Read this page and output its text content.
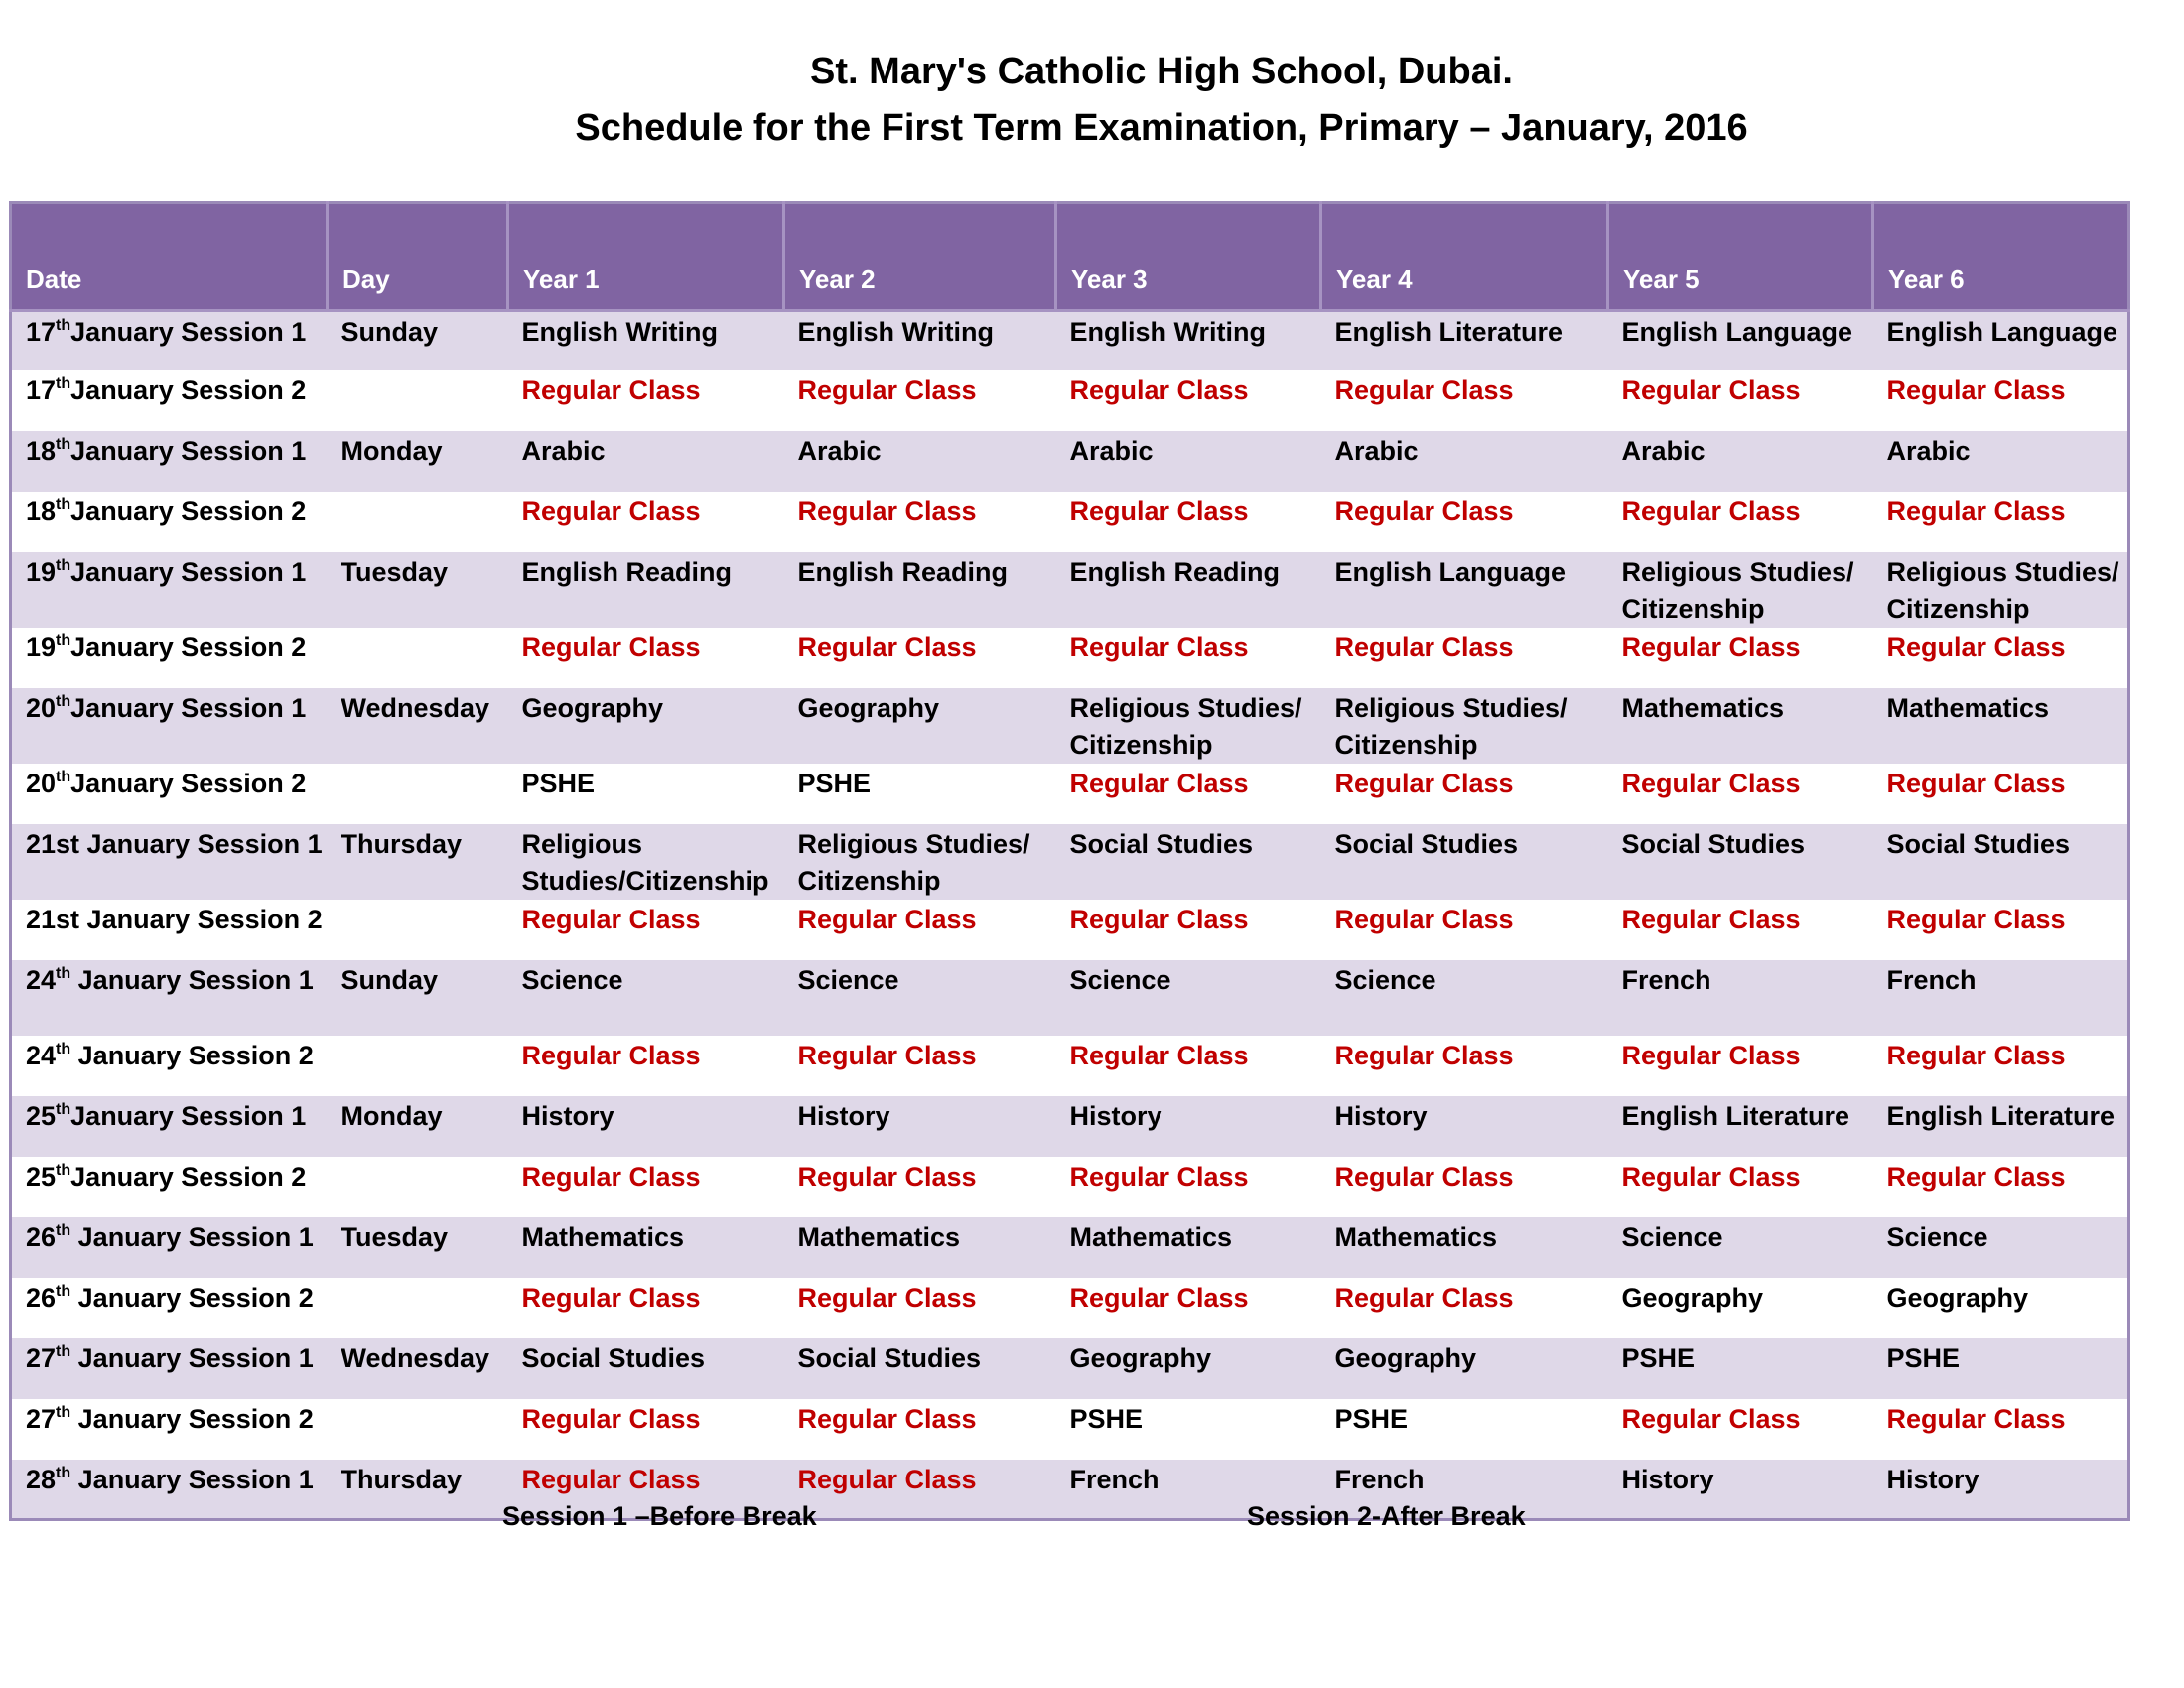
St. Mary's Catholic High School, Dubai.
Schedule for the First Term Examination, Primary – January, 2016
Date	Day	Year 1	Year 2	Year 3	Year 4	Year 5	Year 6
17thJanuary Session 1	Sunday	English Writing	English Writing	English Writing	English Literature	English Language	English Language
17thJanuary Session 2		Regular Class	Regular Class	Regular Class	Regular Class	Regular Class	Regular Class
18thJanuary Session 1	Monday	Arabic	Arabic	Arabic	Arabic	Arabic	Arabic
18thJanuary Session 2		Regular Class	Regular Class	Regular Class	Regular Class	Regular Class	Regular Class
19thJanuary Session 1	Tuesday	English Reading	English Reading	English Reading	English Language	Religious Studies/ Citizenship	Religious Studies/ Citizenship
19thJanuary Session 2		Regular Class	Regular Class	Regular Class	Regular Class	Regular Class	Regular Class
20thJanuary Session 1	Wednesday	Geography	Geography	Religious Studies/ Citizenship	Religious Studies/ Citizenship	Mathematics	Mathematics
20thJanuary Session 2		PSHE	PSHE	Regular Class	Regular Class	Regular Class	Regular Class
21st January Session 1	Thursday	Religious Studies/Citizenship	Religious Studies/ Citizenship	Social Studies	Social Studies	Social Studies	Social Studies
21st January Session 2		Regular Class	Regular Class	Regular Class	Regular Class	Regular Class	Regular Class
24th January Session 1	Sunday	Science	Science	Science	Science	French	French
24th January Session 2		Regular Class	Regular Class	Regular Class	Regular Class	Regular Class	Regular Class
25thJanuary Session 1	Monday	History	History	History	History	English Literature	English Literature
25thJanuary Session 2		Regular Class	Regular Class	Regular Class	Regular Class	Regular Class	Regular Class
26th January Session 1	Tuesday	Mathematics	Mathematics	Mathematics	Mathematics	Science	Science
26th January Session 2		Regular Class	Regular Class	Regular Class	Regular Class	Geography	Geography
27th January Session 1	Wednesday	Social Studies	Social Studies	Geography	Geography	PSHE	PSHE
27th January Session 2		Regular Class	Regular Class	PSHE	PSHE	Regular Class	Regular Class
28th January Session 1	Thursday	Regular Class	Regular Class	French	French	History	History
Session 1 –Before Break	Session 2-After Break
